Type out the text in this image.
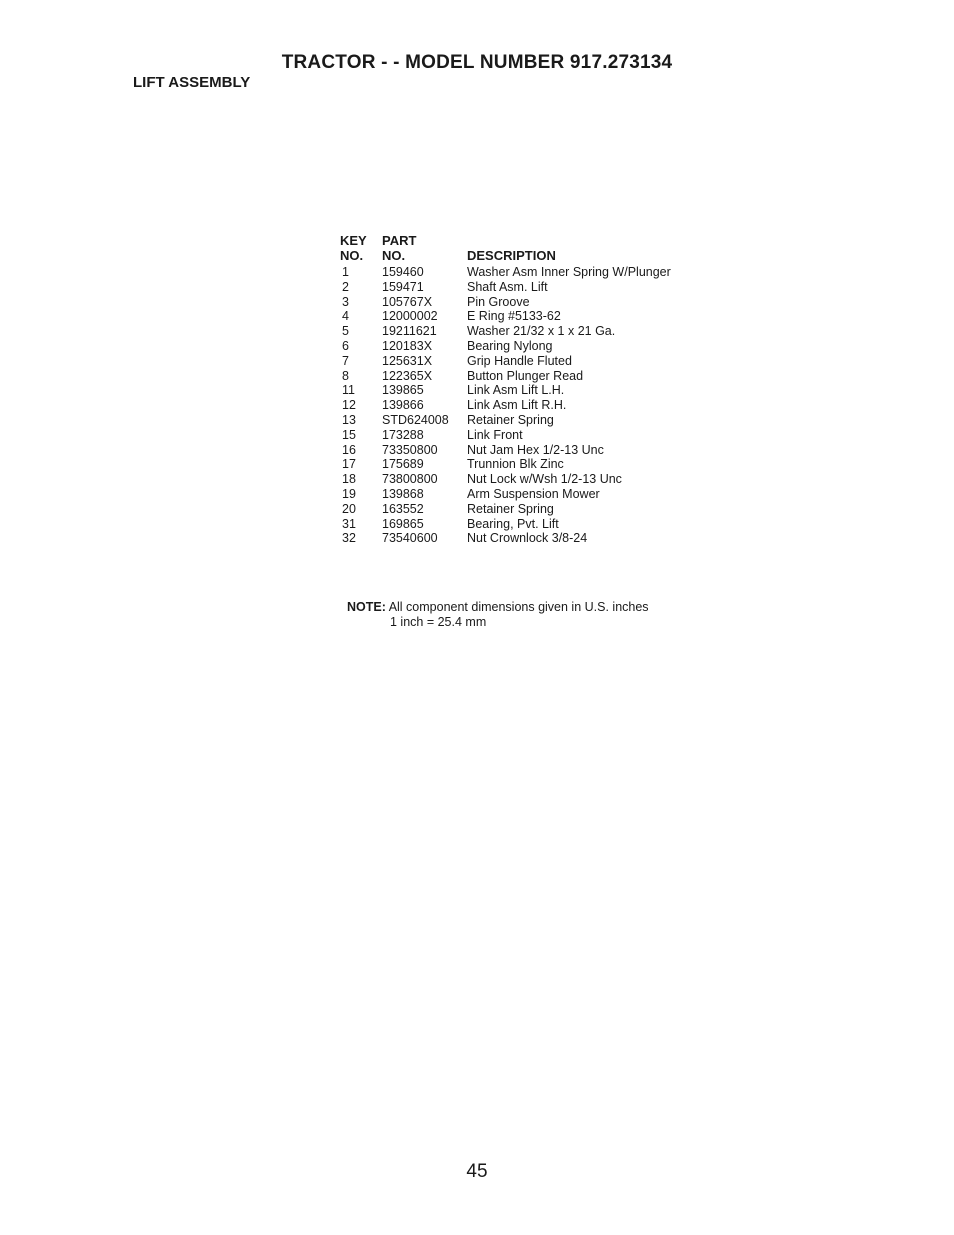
TRACTOR - - MODEL NUMBER 917.273134
LIFT ASSEMBLY
KEY	PART	
NO.	NO.	DESCRIPTION
1	159460	Washer Asm Inner Spring W/Plunger
2	159471	Shaft Asm. Lift
3	105767X	Pin Groove
4	12000002	E Ring #5133-62
5	19211621	Washer 21/32 x 1 x 21 Ga.
6	120183X	Bearing Nylong
7	125631X	Grip Handle Fluted
8	122365X	Button Plunger Read
11	139865	Link Asm Lift L.H.
12	139866	Link Asm Lift R.H.
13	STD624008	Retainer Spring
15	173288	Link Front
16	73350800	Nut Jam Hex 1/2-13 Unc
17	175689	Trunnion Blk Zinc
18	73800800	Nut Lock w/Wsh 1/2-13 Unc
19	139868	Arm Suspension Mower
20	163552	Retainer Spring
31	169865	Bearing, Pvt. Lift
32	73540600	Nut Crownlock 3/8-24
NOTE: All component dimensions given in U.S. inches
1 inch = 25.4 mm
45
